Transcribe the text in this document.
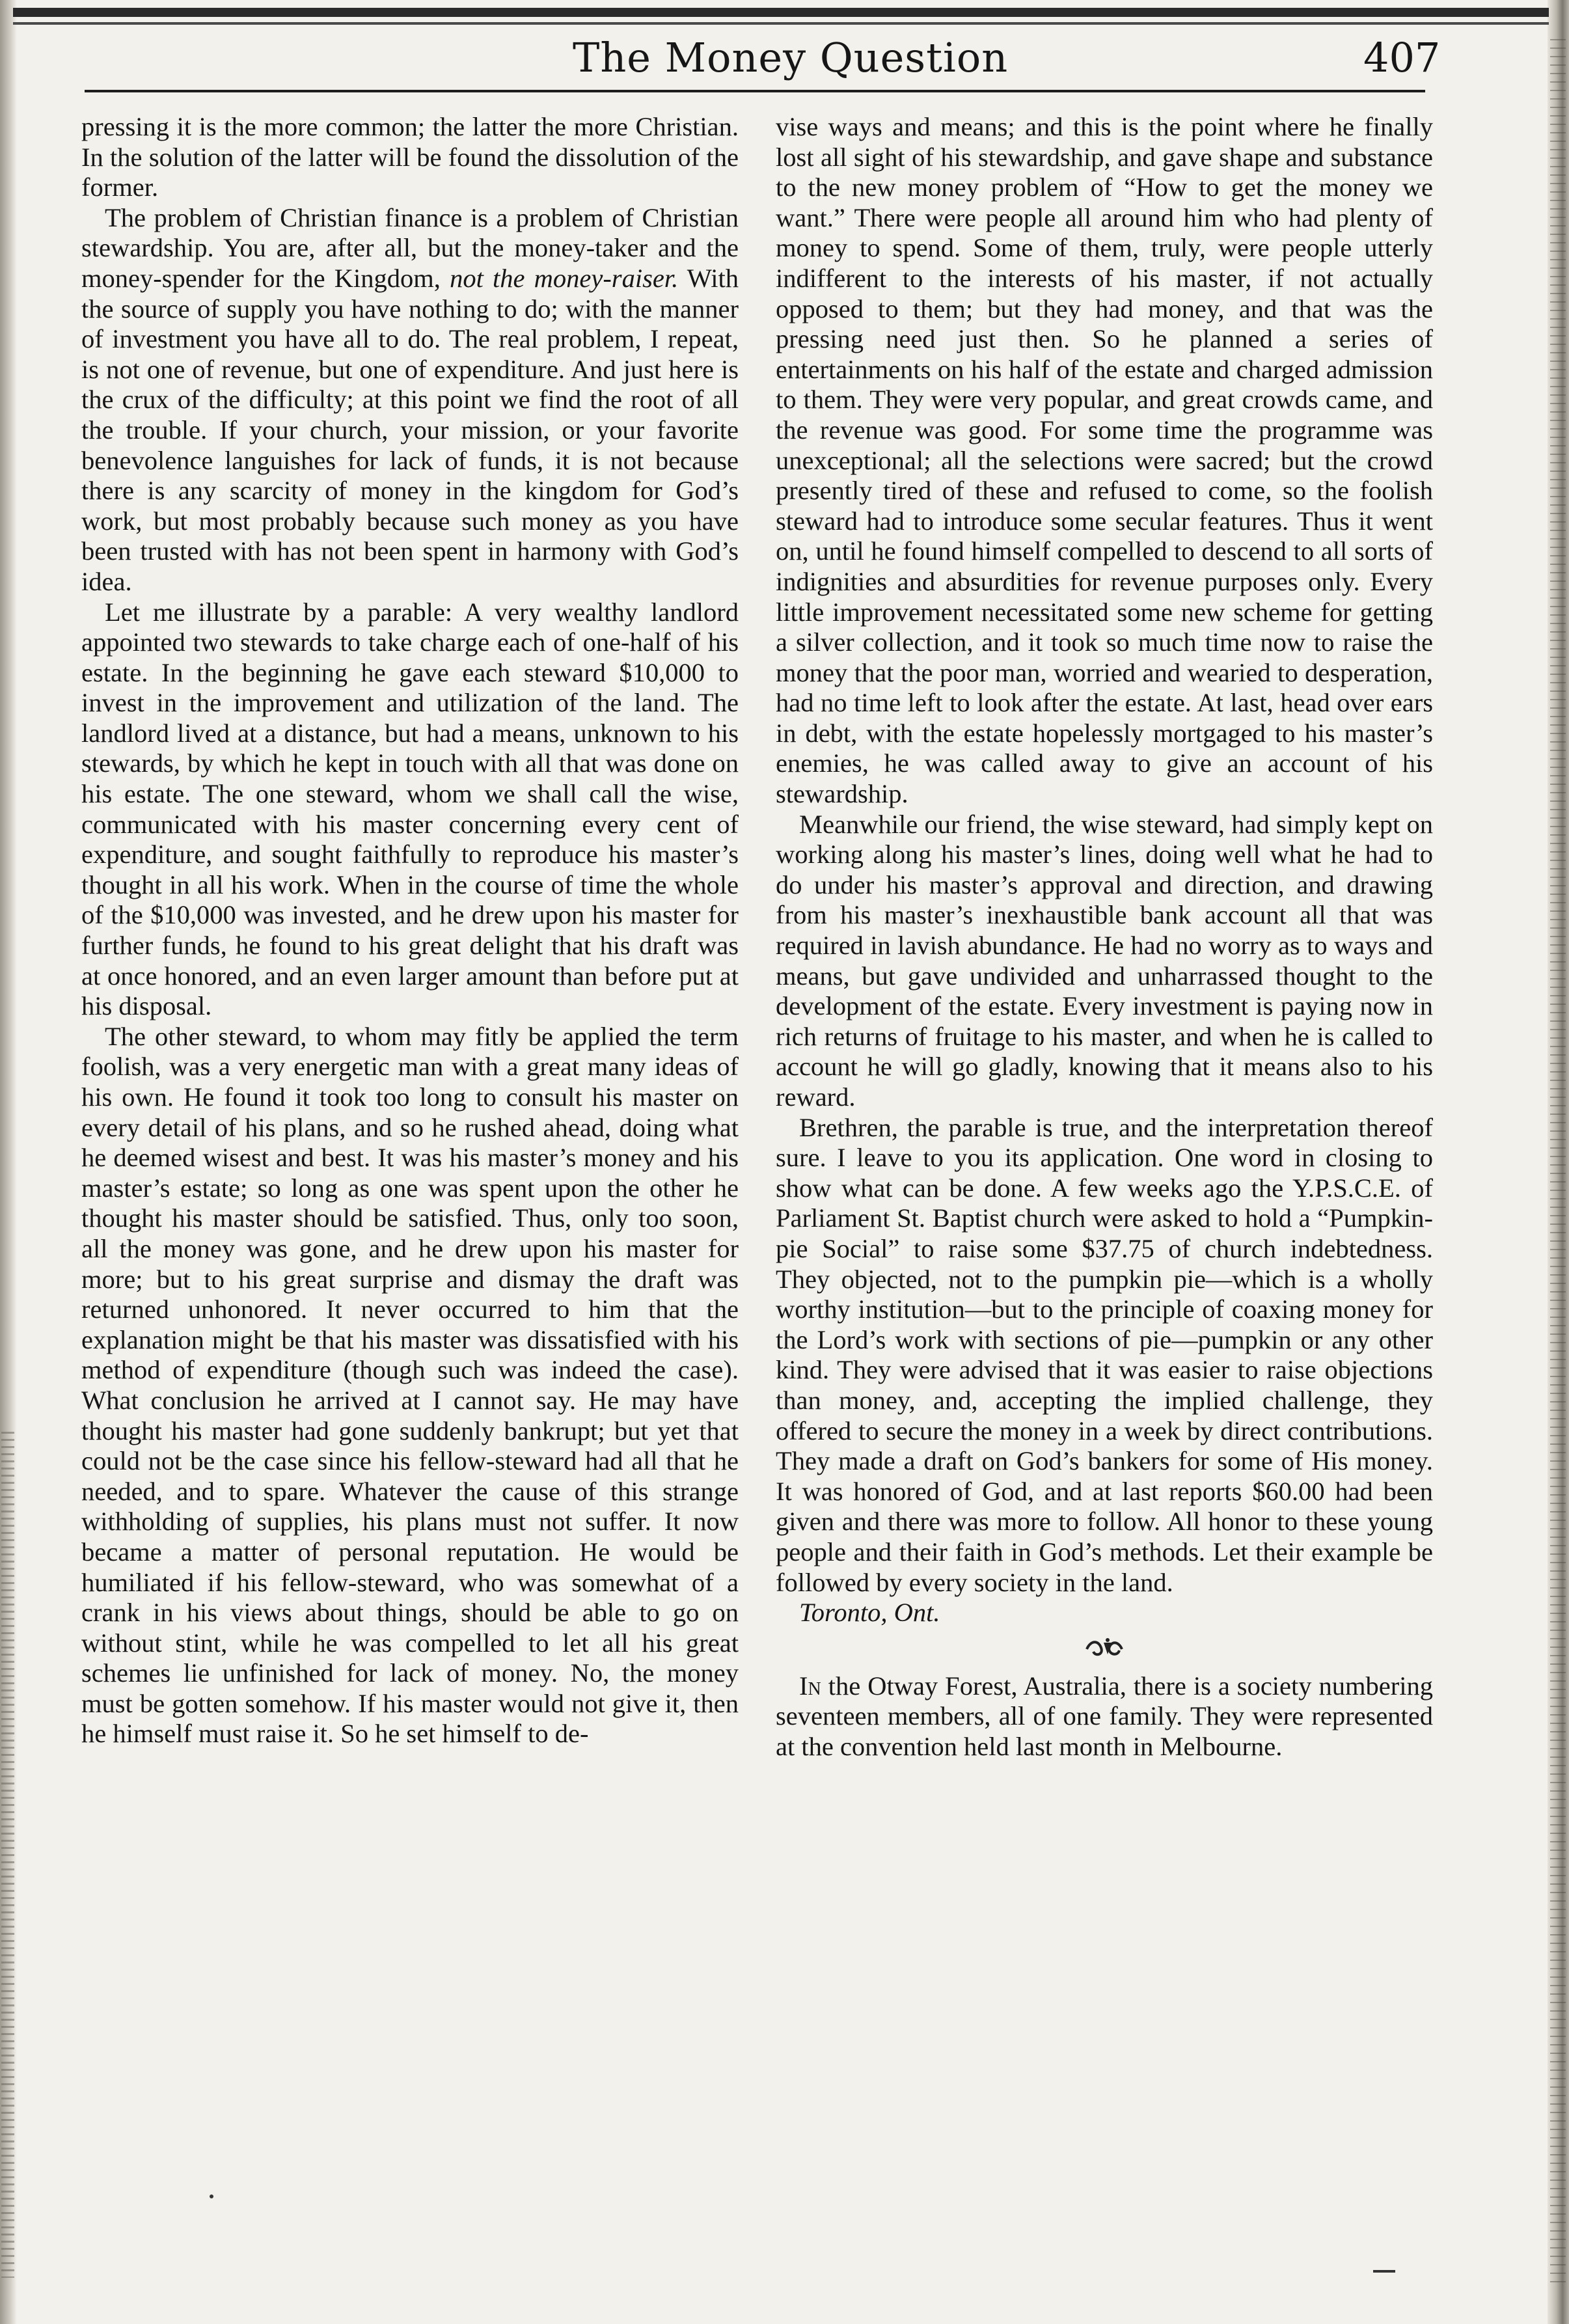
The Money Question	407

pressing it is the more common; the latter the more Christian. In the solution of the latter will be found the dissolution of the former.

The problem of Christian finance is a problem of Christian stewardship. You are, after all, but the money-taker and the money-spender for the Kingdom, not the money-raiser. With the source of supply you have nothing to do; with the manner of investment you have all to do. The real problem, I repeat, is not one of revenue, but one of expenditure. And just here is the crux of the difficulty; at this point we find the root of all the trouble. If your church, your mission, or your favorite benevolence languishes for lack of funds, it is not because there is any scarcity of money in the kingdom for God’s work, but most probably because such money as you have been trusted with has not been spent in harmony with God’s idea.

Let me illustrate by a parable: A very wealthy landlord appointed two stewards to take charge each of one-half of his estate. In the beginning he gave each steward $10,000 to invest in the improvement and utilization of the land. The landlord lived at a distance, but had a means, unknown to his stewards, by which he kept in touch with all that was done on his estate. The one steward, whom we shall call the wise, communicated with his master concerning every cent of expenditure, and sought faithfully to reproduce his master’s thought in all his work. When in the course of time the whole of the $10,000 was invested, and he drew upon his master for further funds, he found to his great delight that his draft was at once honored, and an even larger amount than before put at his disposal.

The other steward, to whom may fitly be applied the term foolish, was a very energetic man with a great many ideas of his own. He found it took too long to consult his master on every detail of his plans, and so he rushed ahead, doing what he deemed wisest and best. It was his master’s money and his master’s estate; so long as one was spent upon the other he thought his master should be satisfied. Thus, only too soon, all the money was gone, and he drew upon his master for more; but to his great surprise and dismay the draft was returned unhonored. It never occurred to him that the explanation might be that his master was dissatisfied with his method of expenditure (though such was indeed the case). What conclusion he arrived at I cannot say. He may have thought his master had gone suddenly bankrupt; but yet that could not be the case since his fellow-steward had all that he needed, and to spare. Whatever the cause of this strange withholding of supplies, his plans must not suffer. It now became a matter of personal reputation. He would be humiliated if his fellow-steward, who was somewhat of a crank in his views about things, should be able to go on without stint, while he was compelled to let all his great schemes lie unfinished for lack of money. No, the money must be gotten somehow. If his master would not give it, then he himself must raise it. So he set himself to de-

vise ways and means; and this is the point where he finally lost all sight of his stewardship, and gave shape and substance to the new money problem of “How to get the money we want.” There were people all around him who had plenty of money to spend. Some of them, truly, were people utterly indifferent to the interests of his master, if not actually opposed to them; but they had money, and that was the pressing need just then. So he planned a series of entertainments on his half of the estate and charged admission to them. They were very popular, and great crowds came, and the revenue was good. For some time the programme was unexceptional; all the selections were sacred; but the crowd presently tired of these and refused to come, so the foolish steward had to introduce some secular features. Thus it went on, until he found himself compelled to descend to all sorts of indignities and absurdities for revenue purposes only. Every little improvement necessitated some new scheme for getting a silver collection, and it took so much time now to raise the money that the poor man, worried and wearied to desperation, had no time left to look after the estate. At last, head over ears in debt, with the estate hopelessly mortgaged to his master’s enemies, he was called away to give an account of his stewardship.

Meanwhile our friend, the wise steward, had simply kept on working along his master’s lines, doing well what he had to do under his master’s approval and direction, and drawing from his master’s inexhaustible bank account all that was required in lavish abundance. He had no worry as to ways and means, but gave undivided and unharrassed thought to the development of the estate. Every investment is paying now in rich returns of fruitage to his master, and when he is called to account he will go gladly, knowing that it means also to his reward.

Brethren, the parable is true, and the interpretation thereof sure. I leave to you its application. One word in closing to show what can be done. A few weeks ago the Y.P.S.C.E. of Parliament St. Baptist church were asked to hold a “Pumpkin-pie Social” to raise some $37.75 of church indebtedness. They objected, not to the pumpkin pie—which is a wholly worthy institution—but to the principle of coaxing money for the Lord’s work with sections of pie—pumpkin or any other kind. They were advised that it was easier to raise objections than money, and, accepting the implied challenge, they offered to secure the money in a week by direct contributions. They made a draft on God’s bankers for some of His money. It was honored of God, and at last reports $60.00 had been given and there was more to follow. All honor to these young people and their faith in God’s methods. Let their example be followed by every society in the land.

Toronto, Ont.

In the Otway Forest, Australia, there is a society numbering seventeen members, all of one family. They were represented at the convention held last month in Melbourne.
